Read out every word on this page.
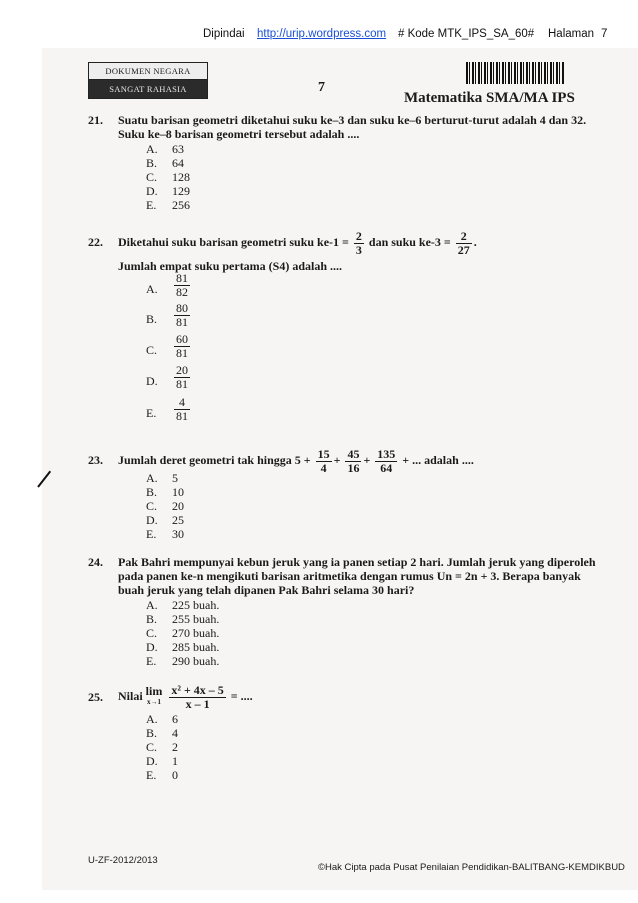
Dipindai http://urip.wordpress.com # Kode MTK_IPS_SA_60# Halaman 7
DOKUMEN NEGARA
SANGAT RAHASIA	7
Matematika SMA/MA IPS
21. Suatu barisan geometri diketahui suku ke–3 dan suku ke–6 berturut-turut adalah 4 dan 32.
Suku ke–8 barisan geometri tersebut adalah ....
A. 63
B. 64
C. 128
D. 129
E. 256
22. Diketahui suku barisan geometri suku $ke-1 = \frac{2}{3}$ dan suku $ke-3 = \frac{2}{27}$ .
Jumlah empat suku pertama (S4) adalah ....
A.	$\frac{81}{82}$
B.	$\frac{80}{81}$
C.	$\frac{60}{81}$
D.	$\frac{20}{81}$
E.	$\frac{4}{81}$
23. Jumlah deret geometri tak hingga $5 + \frac{15}{4} + \frac{45}{16} + \frac{135}{64}$ + ... adalah ....
A. 5
B. 10
C. 20
D. 25
E. 30
24. Pak Bahri mempunyai kebun jeruk yang ia panen setiap 2 hari. Jumlah jeruk yang diperoleh
pada panen ke-n mengikuti barisan aritmetika dengan rumus Un = 2n + 3. Berapa banyak
buah jeruk yang telah dipanen Pak Bahri selama 30 hari?
A. 225 buah.
B. 255 buah.
C. 270 buah.
D. 285 buah.
E. 290 buah.
25. Nilai lim
x→1
$\frac{\text{x² + 4x – 5}}{x - 1}$ = ....
A. 6
B. 4
C. 2
D. 1
E. 0
U-ZF-2012/2013
©Hak Cipta pada Pusat Penilaian Pendidikan-BALITBANG-KEMDIKBUD
